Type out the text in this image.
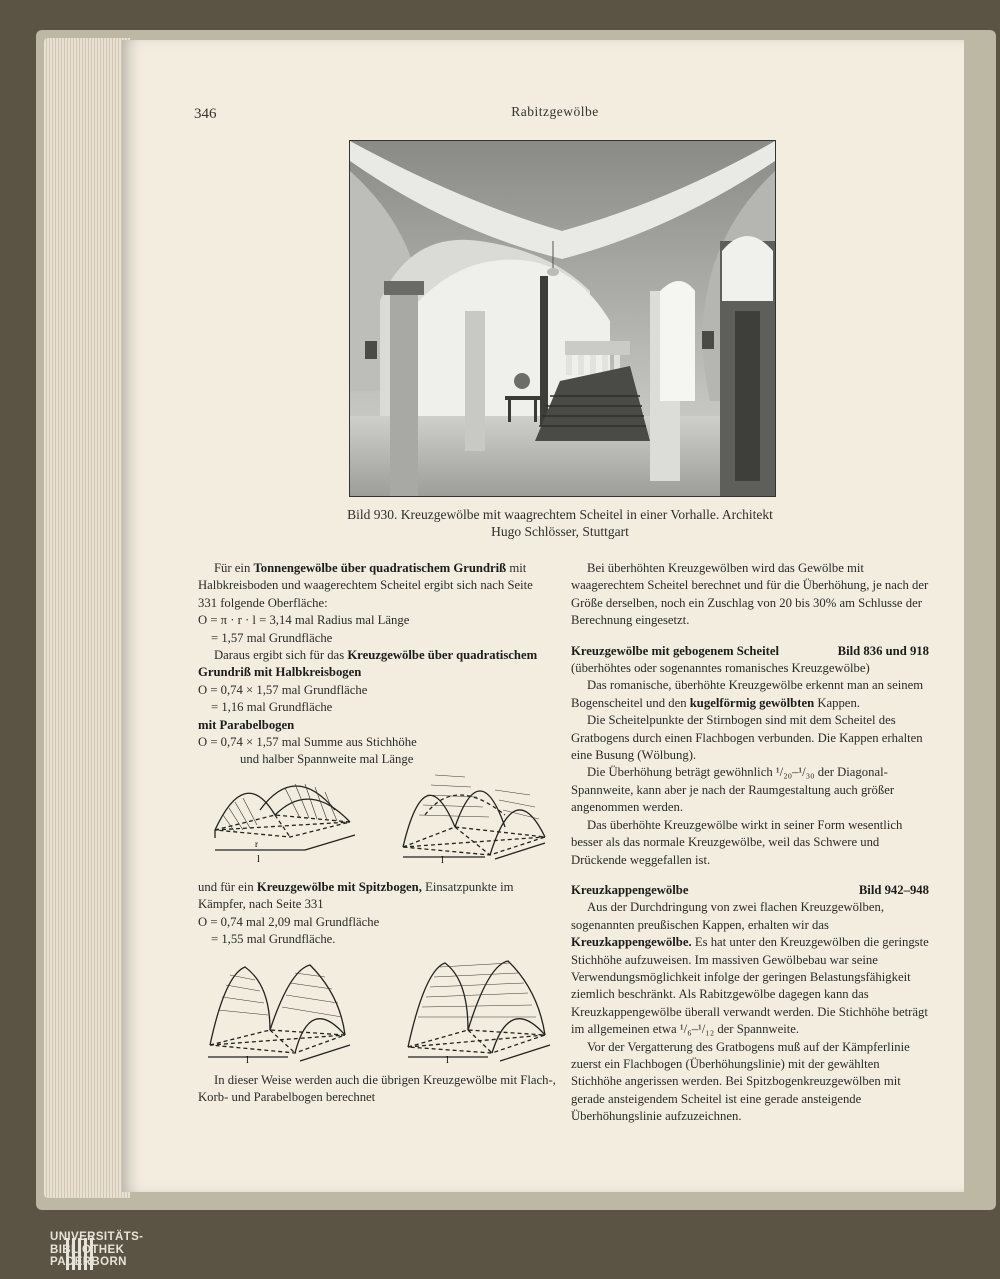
346	Rabitzgewölbe
Bild 930. Kreuzgewölbe mit waagrechtem Scheitel in einer Vorhalle. Architekt
Hugo Schlösser, Stuttgart

Für ein Tonnengewölbe über quadratischem Grundriß mit Halbkreisboden und waagerechtem Scheitel ergibt sich nach Seite 331 folgende Oberfläche:

O = π · r · l = 3,14 mal Radius mal Länge

= 1,57 mal Grundfläche

Daraus ergibt sich für das Kreuzgewölbe über quadratischem Grundriß mit Halbkreisbogen

O = 0,74 × 1,57 mal Grundfläche

= 1,16 mal Grundfläche

mit Parabelbogen

O = 0,74 × 1,57 mal Summe aus Stichhöhe

und halber Spannweite mal Länge

r
l	l

und für ein Kreuzgewölbe mit Spitzbogen, Einsatzpunkte im Kämpfer, nach Seite 331

O = 0,74 mal 2,09 mal Grundfläche

= 1,55 mal Grundfläche.

l	l

In dieser Weise werden auch die übrigen Kreuzgewölbe mit Flach-, Korb- und Parabelbogen berechnet

Bei überhöhten Kreuzgewölben wird das Gewölbe mit waagerechtem Scheitel berechnet und für die Überhöhung, je nach der Größe derselben, noch ein Zuschlag von 20 bis 30% am Schlusse der Berechnung eingesetzt.

Kreuzgewölbe mit gebogenem Scheitel	Bild 836 und 918

(überhöhtes oder sogenanntes romanisches Kreuzgewölbe)

Das romanische, überhöhte Kreuzgewölbe erkennt man an seinem Bogenscheitel und den kugelförmig gewölbten Kappen.

Die Scheitelpunkte der Stirnbogen sind mit dem Scheitel des Gratbogens durch einen Flachbogen verbunden. Die Kappen erhalten eine Busung (Wölbung).

Die Überhöhung beträgt gewöhnlich ¹/₂₀–¹/₃₀ der Diagonal-Spannweite, kann aber je nach der Raumgestaltung auch größer angenommen werden.

Das überhöhte Kreuzgewölbe wirkt in seiner Form wesentlich besser als das normale Kreuzgewölbe, weil das Schwere und Drückende weggefallen ist.

Kreuzkappengewölbe	Bild 942–948

Aus der Durchdringung von zwei flachen Kreuzgewölben, sogenannten preußischen Kappen, erhalten wir das Kreuzkappengewölbe. Es hat unter den Kreuzgewölben die geringste Stichhöhe aufzuweisen. Im massiven Gewölbebau war seine Verwendungsmöglichkeit infolge der geringen Belastungsfähigkeit ziemlich beschränkt. Als Rabitzgewölbe dagegen kann das Kreuzkappengewölbe überall verwandt werden. Die Stichhöhe beträgt im allgemeinen etwa ¹/₆–¹/₁₂ der Spannweite.

Vor der Vergatterung des Gratbogens muß auf der Kämpferlinie zuerst ein Flachbogen (Überhöhungslinie) mit der gewählten Stichhöhe angerissen werden. Bei Spitzbogenkreuzgewölben mit gerade ansteigendem Scheitel ist eine gerade ansteigende Überhöhungslinie aufzuzeichnen.

UNIVERSITÄTS-
BIBLIOTHEK
PADERBORN
